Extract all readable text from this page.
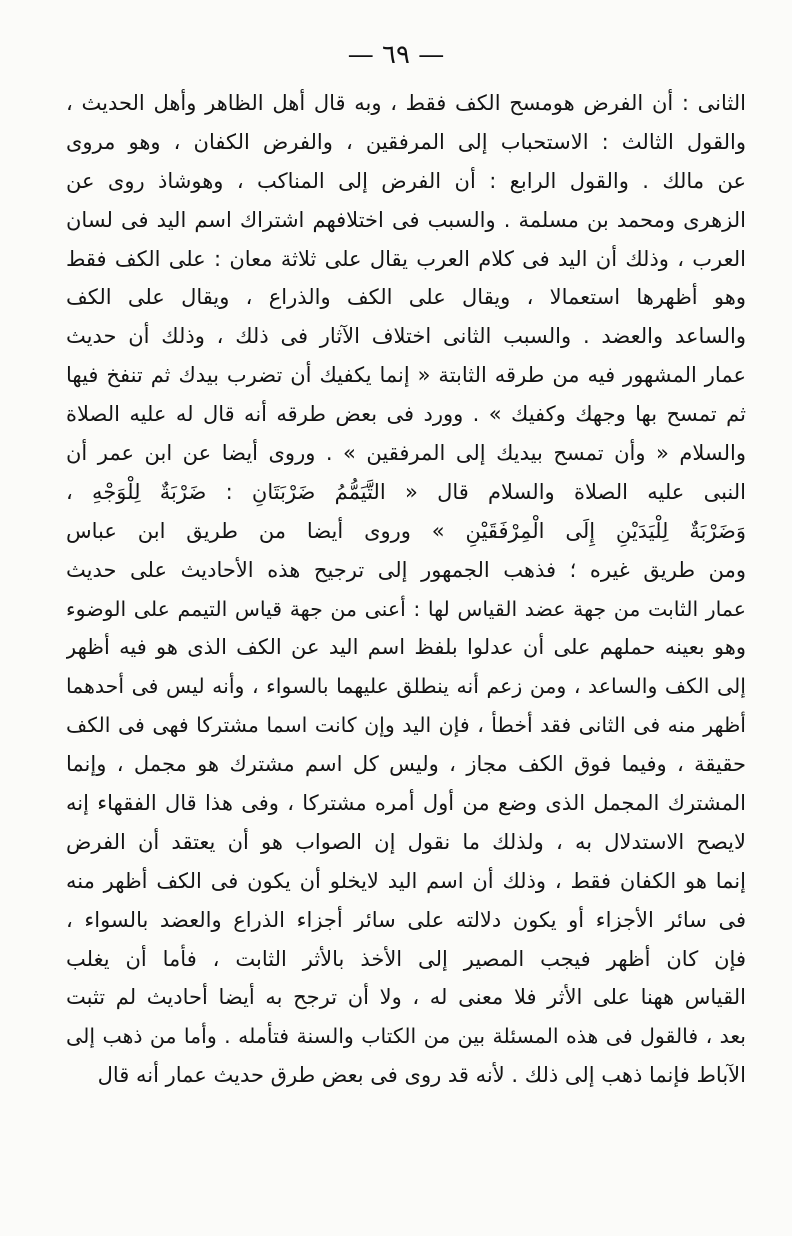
— ٦٩ —
الثانى : أن الفرض هومسح الكف فقط ، وبه قال أهل الظاهر وأهل الحديث ،
والقول الثالث : الاستحباب إلى المرفقين ، والفرض الكفان ، وهو مروى
عن مالك . والقول الرابع : أن الفرض إلى المناكب ، وهوشاذ روى عن
الزهرى ومحمد بن مسلمة . والسبب فى اختلافهم اشتراك اسم اليد فى لسان
العرب ، وذلك أن اليد فى كلام العرب يقال على ثلاثة معان : على الكف فقط
وهو أظهرها استعمالا ، ويقال على الكف والذراع ، ويقال على الكف
والساعد والعضد . والسبب الثانى اختلاف الآثار فى ذلك ، وذلك أن حديث
عمار المشهور فيه من طرقه الثابتة « إنما يكفيك أن تضرب بيدك ثم تنفخ فيها
ثم تمسح بها وجهك وكفيك » . وورد فى بعض طرقه أنه قال له عليه الصلاة
والسلام « وأن تمسح بيديك إلى المرفقين » . وروى أيضا عن ابن عمر أن
النبى عليه الصلاة والسلام قال « التَّيَمُّمُ ضَرْبَتَانِ : ضَرْبَةٌ لِلْوَجْهِ ،
وَضَرْبَةٌ لِلْيَدَيْنِ إِلَى الْمِرْفَقَيْنِ » وروى أيضا من طريق ابن عباس
ومن طريق غيره ؛ فذهب الجمهور إلى ترجيح هذه الأحاديث على حديث
عمار الثابت من جهة عضد القياس لها : أعنى من جهة قياس التيمم على الوضوء
وهو بعينه حملهم على أن عدلوا بلفظ اسم اليد عن الكف الذى هو فيه أظهر
إلى الكف والساعد ، ومن زعم أنه ينطلق عليهما بالسواء ، وأنه ليس فى أحدهما
أظهر منه فى الثانى فقد أخطأ ، فإن اليد وإن كانت اسما مشتركا فهى فى الكف
حقيقة ، وفيما فوق الكف مجاز ، وليس كل اسم مشترك هو مجمل ، وإنما
المشترك المجمل الذى وضع من أول أمره مشتركا ، وفى هذا قال الفقهاء إنه
لايصح الاستدلال به ، ولذلك ما نقول إن الصواب هو أن يعتقد أن الفرض
إنما هو الكفان فقط ، وذلك أن اسم اليد لايخلو أن يكون فى الكف أظهر منه
فى سائر الأجزاء أو يكون دلالته على سائر أجزاء الذراع والعضد بالسواء ،
فإن كان أظهر فيجب المصير إلى الأخذ بالأثر الثابت ، فأما أن يغلب
القياس ههنا على الأثر فلا معنى له ، ولا أن ترجح به أيضا أحاديث لم تثبت
بعد ، فالقول فى هذه المسئلة بين من الكتاب والسنة فتأمله . وأما من ذهب إلى
الآباط فإنما ذهب إلى ذلك . لأنه قد روى فى بعض طرق حديث عمار أنه قال
